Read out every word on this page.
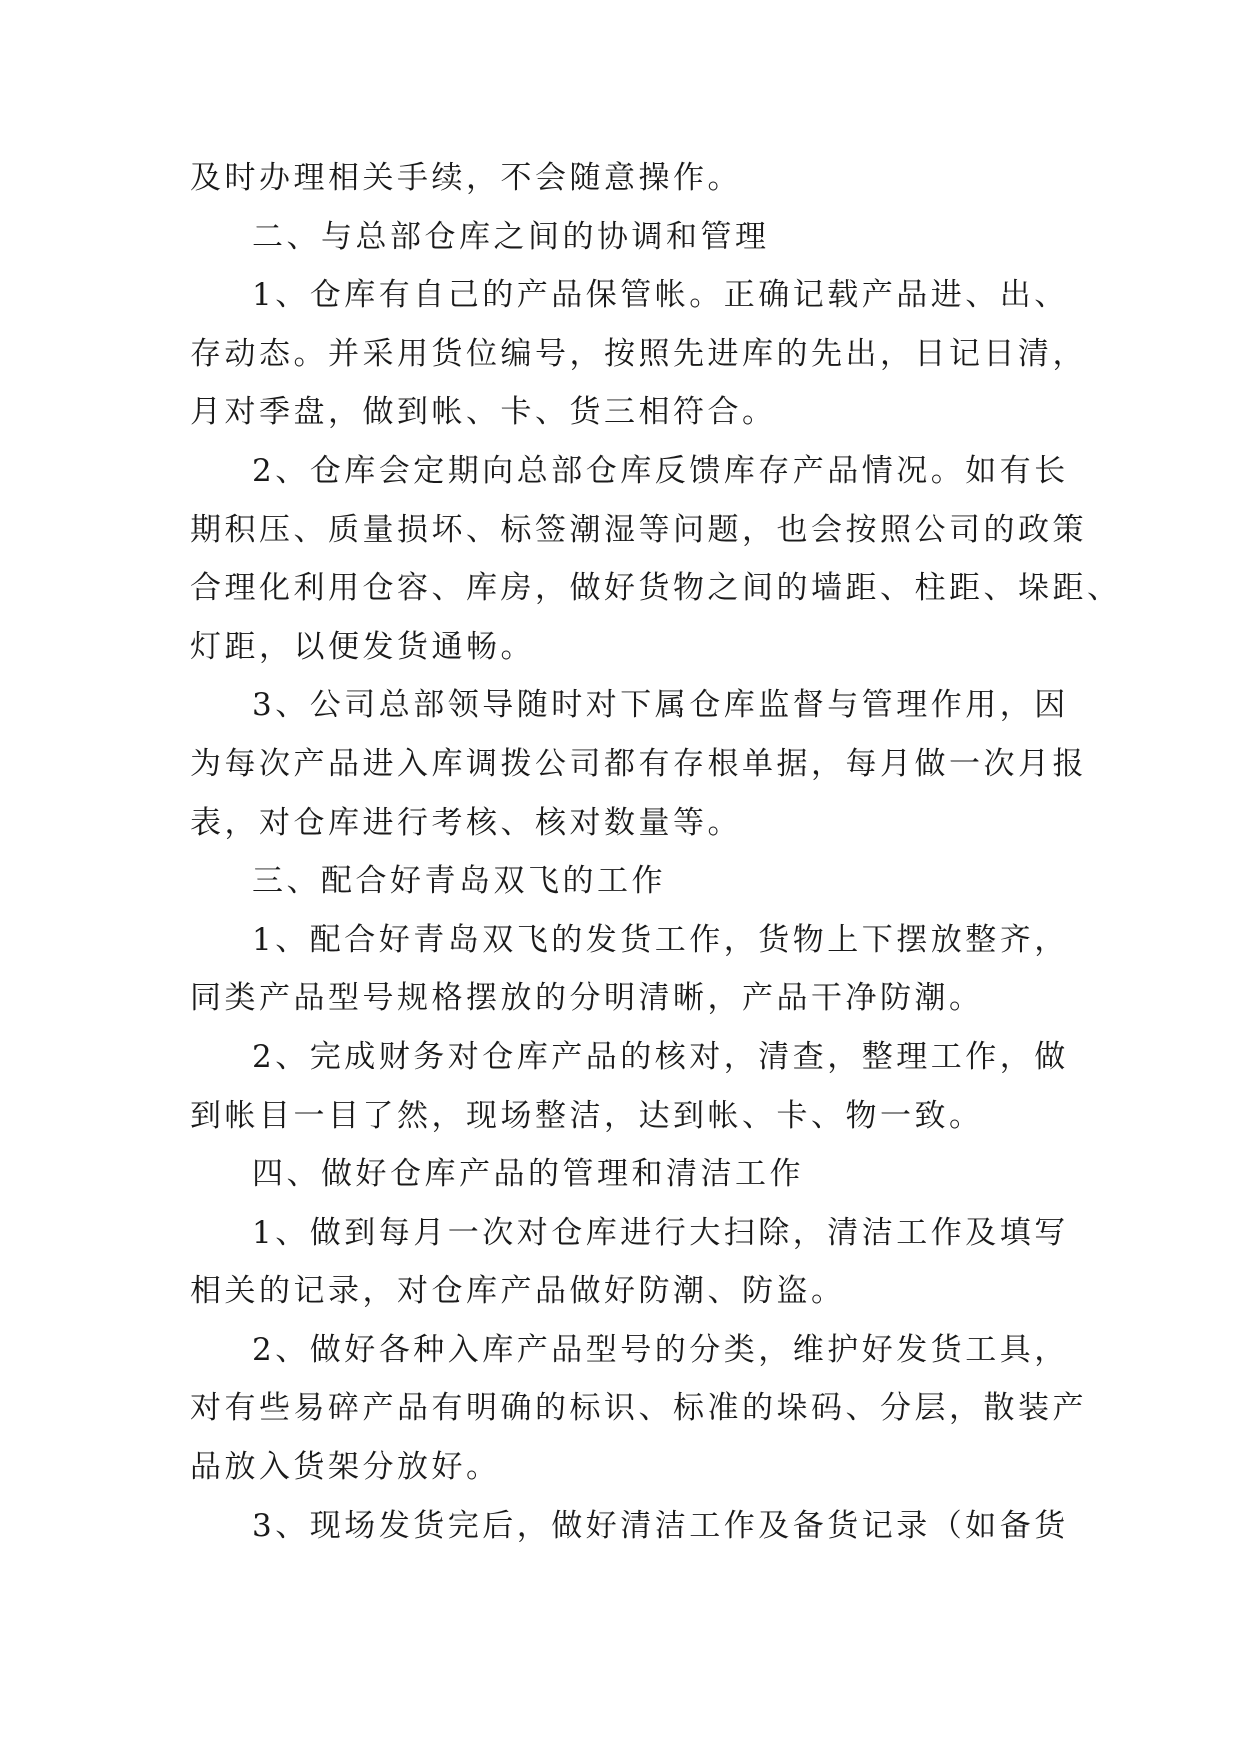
及时办理相关手续，不会随意操作。
二、与总部仓库之间的协调和管理
1、仓库有自己的产品保管帐。正确记载产品进、出、
存动态。并采用货位编号，按照先进库的先出，日记日清，
月对季盘，做到帐、卡、货三相符合。
2、仓库会定期向总部仓库反馈库存产品情况。如有长
期积压、质量损坏、标签潮湿等问题，也会按照公司的政策
合理化利用仓容、库房，做好货物之间的墙距、柱距、垛距、
灯距，以便发货通畅。
3、公司总部领导随时对下属仓库监督与管理作用，因
为每次产品进入库调拨公司都有存根单据，每月做一次月报
表，对仓库进行考核、核对数量等。
三、配合好青岛双飞的工作
1、配合好青岛双飞的发货工作，货物上下摆放整齐，
同类产品型号规格摆放的分明清晰，产品干净防潮。
2、完成财务对仓库产品的核对，清查，整理工作，做
到帐目一目了然，现场整洁，达到帐、卡、物一致。
四、做好仓库产品的管理和清洁工作
1、做到每月一次对仓库进行大扫除，清洁工作及填写
相关的记录，对仓库产品做好防潮、防盗。
2、做好各种入库产品型号的分类，维护好发货工具，
对有些易碎产品有明确的标识、标准的垛码、分层，散装产
品放入货架分放好。
3、现场发货完后，做好清洁工作及备货记录（如备货
